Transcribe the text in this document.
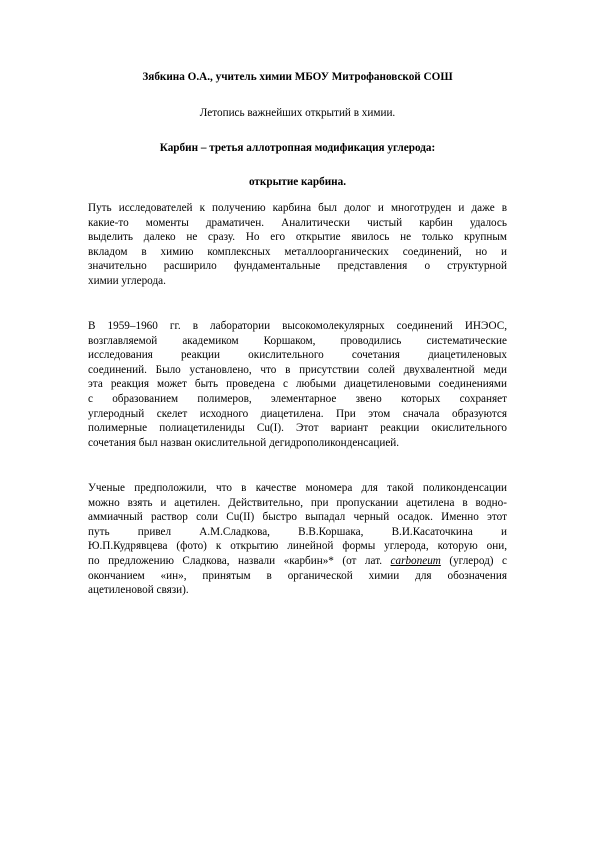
Зябкина О.А., учитель химии МБОУ Митрофановской СОШ
Летопись важнейших открытий в химии.
Карбин – третья аллотропная модификация углерода:
открытие карбина.
Путь исследователей к получению карбина был долог и многотруден и даже в
какие-то моменты драматичен. Аналитически чистый карбин удалось
выделить далеко не сразу. Но его открытие явилось не только крупным
вкладом в химию комплексных металлоорганических соединений, но и
значительно расширило фундаментальные представления о структурной
химии углерода.
В 1959–1960 гг. в лаборатории высокомолекулярных соединений ИНЭОС,
возглавляемой академиком Коршаком, проводились систематические
исследования реакции окислительного сочетания диацетиленовых
соединений. Было установлено, что в присутствии солей двухвалентной меди
эта реакция может быть проведена с любыми диацетиленовыми соединениями
с образованием полимеров, элементарное звено которых сохраняет
углеродный скелет исходного диацетилена. При этом сначала образуются
полимерные полиацетилениды Cu(I). Этот вариант реакции окислительного
сочетания был назван окислительной дегидрополиконденсацией.
Ученые предположили, что в качестве мономера для такой поликонденсации
можно взять и ацетилен. Действительно, при пропускании ацетилена в водно-
аммиачный раствор соли Cu(II) быстро выпадал черный осадок. Именно этот
путь привел А.М.Сладкова, В.В.Коршака, В.И.Касаточкина и
Ю.П.Кудрявцева (фото) к открытию линейной формы углерода, которую они,
по предложению Сладкова, назвали «карбин»* (от лат. carboneum (углерод) с
окончанием «ин», принятым в органической химии для обозначения
ацетиленовой связи).
